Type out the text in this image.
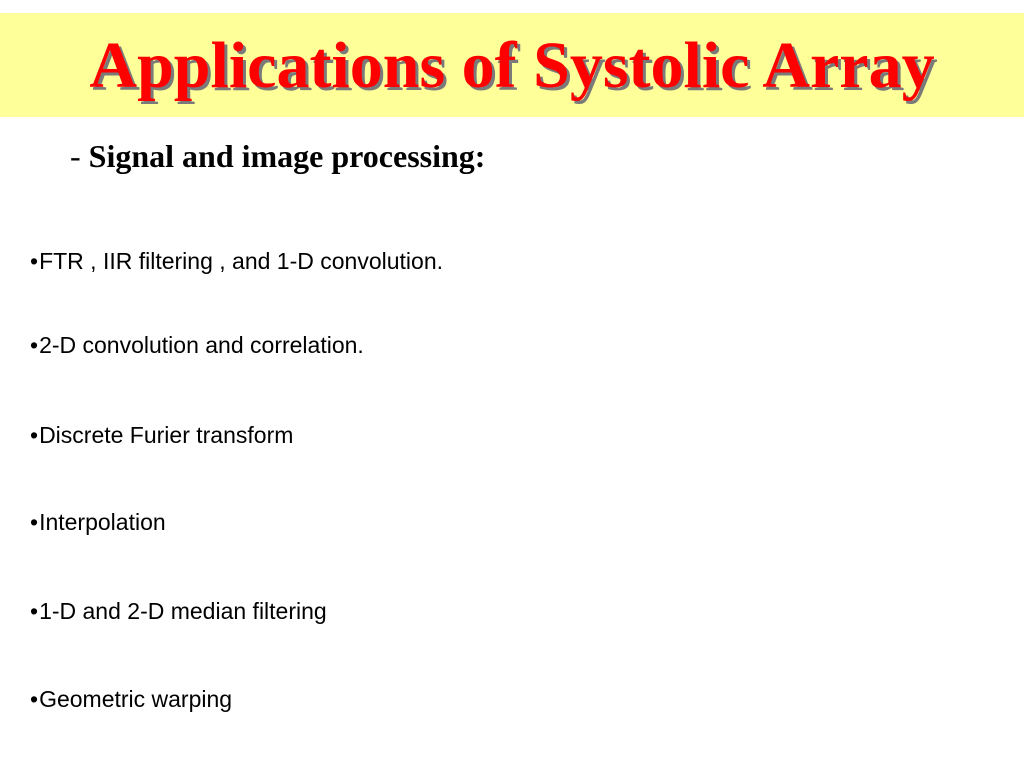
Applications of Systolic Array

- Signal and image processing:

•FTR , IIR filtering , and 1-D convolution.
•2-D convolution and correlation.
•Discrete Furier transform
•Interpolation
•1-D and 2-D median filtering
•Geometric warping
